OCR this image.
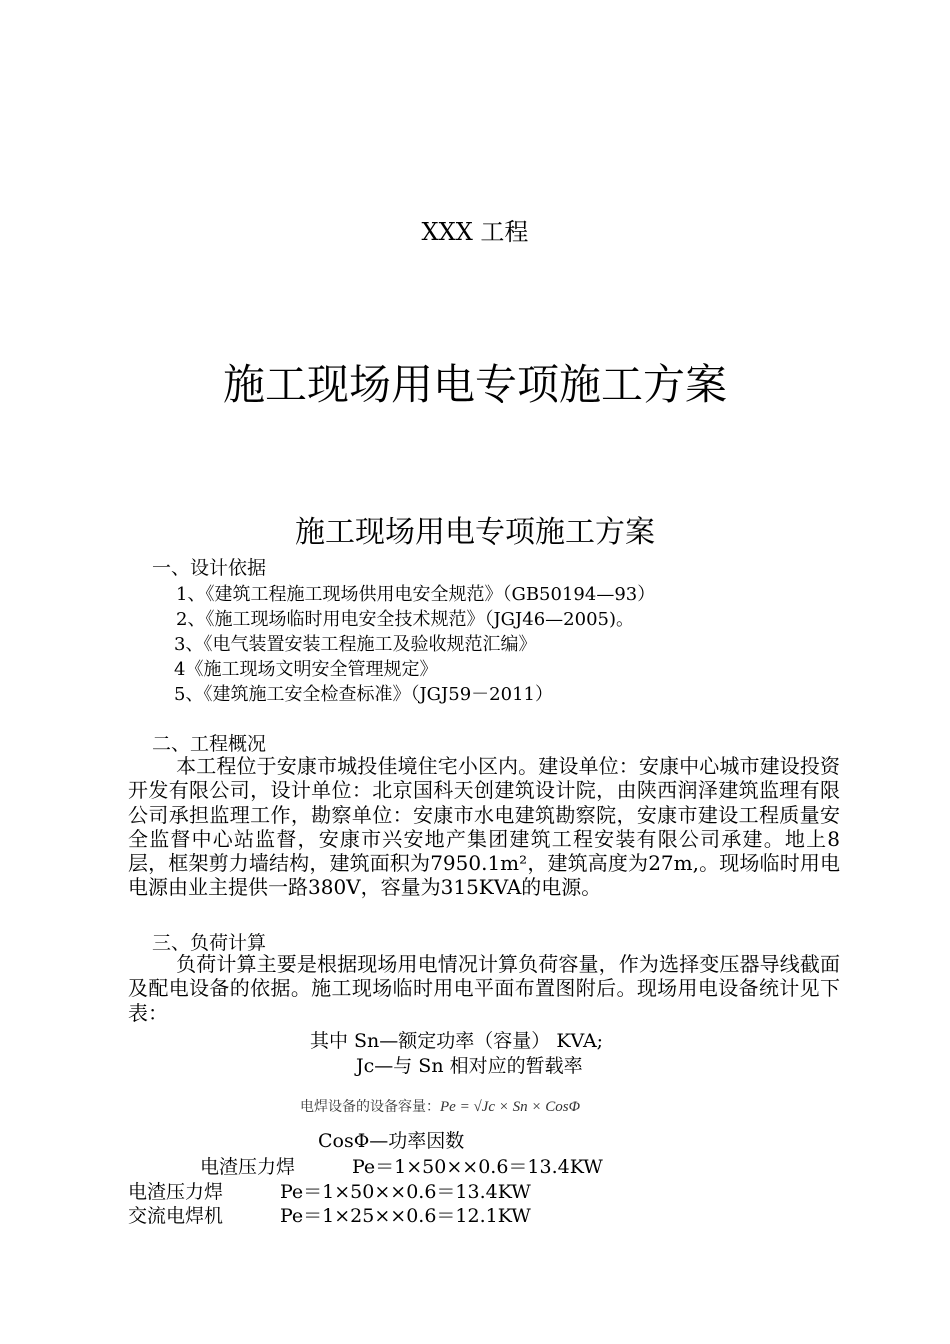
XXX 工程
施工现场用电专项施工方案
施工现场用电专项施工方案
一、设计依据
1、《建筑工程施工现场供用电安全规范》（GB50194—93）
2、《施工现场临时用电安全技术规范》（JGJ46—2005)。
3、《电气装置安装工程施工及验收规范汇编》
4《施工现场文明安全管理规定》
5、《建筑施工安全检查标准》（JGJ59－2011）
二、工程概况
本工程位于安康市城投佳境住宅小区内。建设单位：安康中心城市建设投资开发有限公司，设计单位：北京国科天创建筑设计院，由陕西润泽建筑监理有限公司承担监理工作，勘察单位：安康市水电建筑勘察院，安康市建设工程质量安全监督中心站监督，安康市兴安地产集团建筑工程安装有限公司承建。地上8层，框架剪力墙结构，建筑面积为7950.1m²，建筑高度为27m,。现场临时用电电源由业主提供一路380V，容量为315KVA的电源。
三、负荷计算
负荷计算主要是根据现场用电情况计算负荷容量，作为选择变压器导线截面及配电设备的依据。施工现场临时用电平面布置图附后。现场用电设备统计见下表：
其中 Sn—额定功率（容量） KVA;
Jc—与 Sn 相对应的暂载率
电焊设备的设备容量：Pe = √Jc × Sn × CosΦ
CosΦ—功率因数
电渣压力焊	Pe＝1×50××0.6＝13.4KW
电渣压力焊	Pe＝1×50××0.6＝13.4KW
交流电焊机	Pe＝1×25××0.6＝12.1KW
